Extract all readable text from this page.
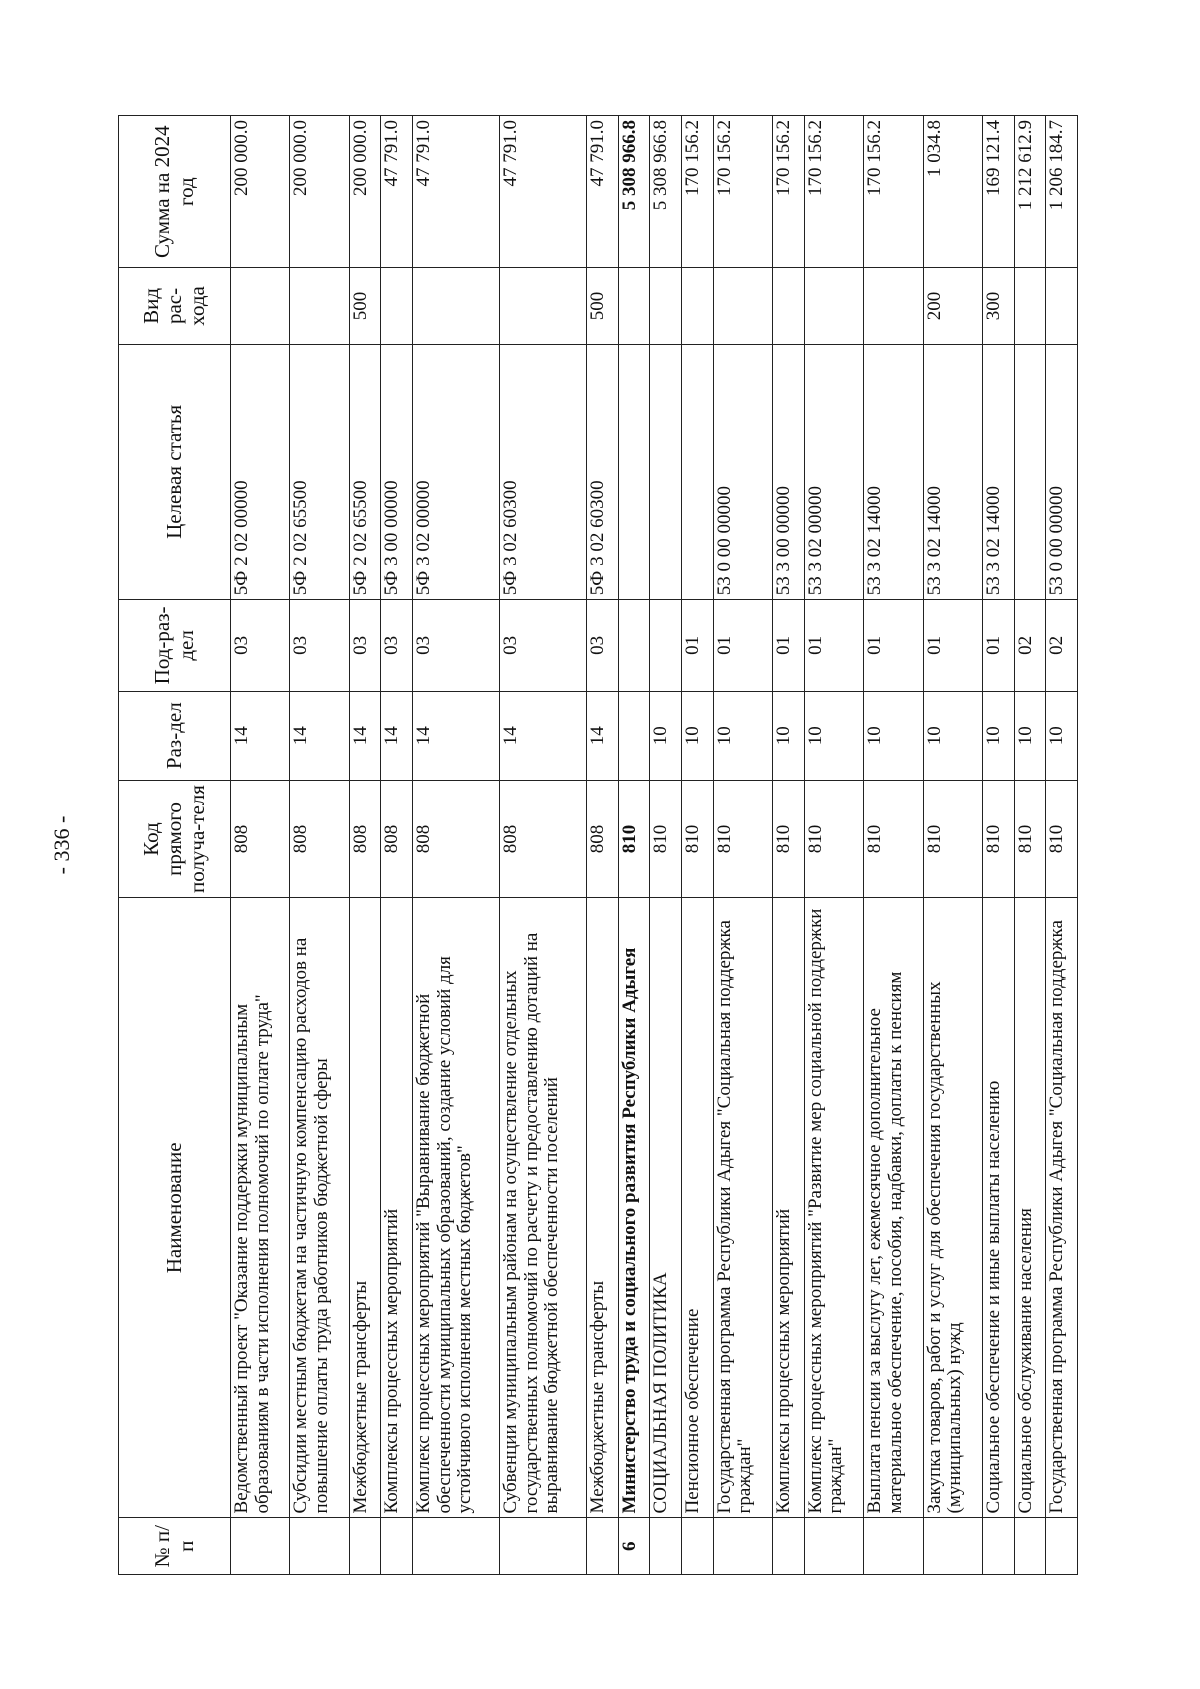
- 336 -
№ п/п	Наименование	Код прямого получа-теля	Раз-дел	Под-раз-дел	Целевая статья	Вид рас-хода	Сумма на 2024 год
	Ведомственный проект "Оказание поддержки муниципальным образованиям в части исполнения полномочий по оплате труда"	808	14	03	5Ф 2 02 00000		200 000.0
	Субсидии местным бюджетам на частичную компенсацию расходов на повышение оплаты труда работников бюджетной сферы	808	14	03	5Ф 2 02 65500		200 000.0
	Межбюджетные трансферты	808	14	03	5Ф 2 02 65500	500	200 000.0
	Комплексы процессных мероприятий	808	14	03	5Ф 3 00 00000		47 791.0
	Комплекс процессных мероприятий "Выравнивание бюджетной обеспеченности муниципальных образований, создание условий для устойчивого исполнения местных бюджетов"	808	14	03	5Ф 3 02 00000		47 791.0
	Субвенции муниципальным районам на осуществление отдельных государственных полномочий по расчету и предоставлению дотаций на выравнивание бюджетной обеспеченности поселений	808	14	03	5Ф 3 02 60300		47 791.0
	Межбюджетные трансферты	808	14	03	5Ф 3 02 60300	500	47 791.0
6	Министерство труда и социального развития Республики Адыгея	810					5 308 966.8
	СОЦИАЛЬНАЯ ПОЛИТИКА	810	10				5 308 966.8
	Пенсионное обеспечение	810	10	01			170 156.2
	Государственная программа Республики Адыгея "Социальная поддержка граждан"	810	10	01	53 0 00 00000		170 156.2
	Комплексы процессных мероприятий	810	10	01	53 3 00 00000		170 156.2
	Комплекс процессных мероприятий "Развитие мер социальной поддержки граждан"	810	10	01	53 3 02 00000		170 156.2
	Выплата пенсии за выслугу лет, ежемесячное дополнительное материальное обеспечение, пособия, надбавки, доплаты к пенсиям	810	10	01	53 3 02 14000		170 156.2
	Закупка товаров, работ и услуг для обеспечения государственных (муниципальных) нужд	810	10	01	53 3 02 14000	200	1 034.8
	Социальное обеспечение и иные выплаты населению	810	10	01	53 3 02 14000	300	169 121.4
	Социальное обслуживание населения	810	10	02			1 212 612.9
	Государственная программа Республики Адыгея "Социальная поддержка	810	10	02	53 0 00 00000		1 206 184.7
